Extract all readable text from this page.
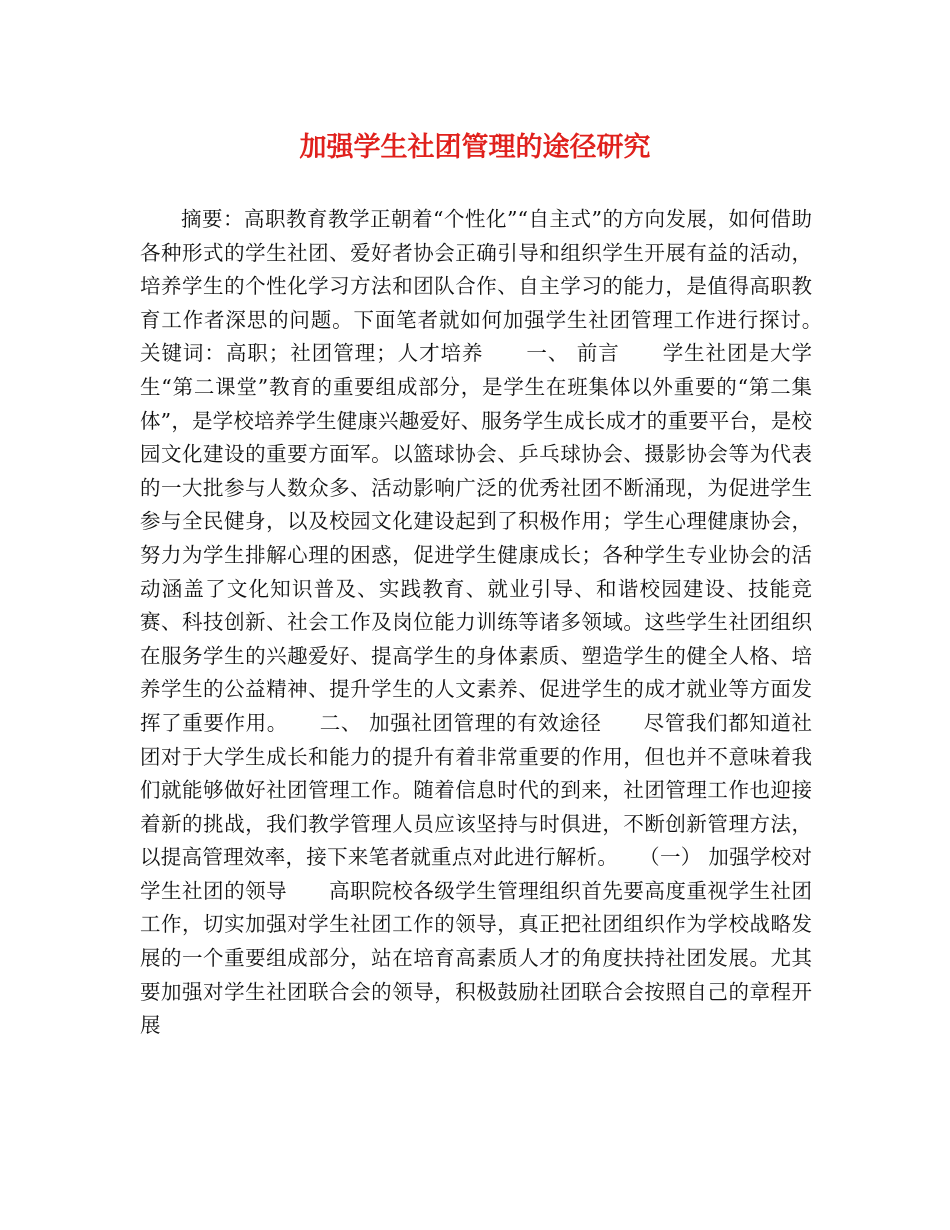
加强学生社团管理的途径研究

摘要：高职教育教学正朝着“个性化”“自主式”的方向发展，如何借助各种形式的学生社团、爱好者协会正确引导和组织学生开展有益的活动，培养学生的个性化学习方法和团队合作、自主学习的能力，是值得高职教育工作者深思的问题。下面笔者就如何加强学生社团管理工作进行探讨。　　关键词：高职；社团管理；人才培养　　一、 前言　　学生社团是大学生“第二课堂”教育的重要组成部分，是学生在班集体以外重要的“第二集体”，是学校培养学生健康兴趣爱好、服务学生成长成才的重要平台，是校园文化建设的重要方面军。以篮球协会、乒乓球协会、摄影协会等为代表的一大批参与人数众多、活动影响广泛的优秀社团不断涌现，为促进学生参与全民健身，以及校园文化建设起到了积极作用；学生心理健康协会，努力为学生排解心理的困惑，促进学生健康成长；各种学生专业协会的活动涵盖了文化知识普及、实践教育、就业引导、和谐校园建设、技能竞赛、科技创新、社会工作及岗位能力训练等诸多领域。这些学生社团组织在服务学生的兴趣爱好、提高学生的身体素质、塑造学生的健全人格、培养学生的公益精神、提升学生的人文素养、促进学生的成才就业等方面发挥了重要作用。　　二、 加强社团管理的有效途径　　尽管我们都知道社团对于大学生成长和能力的提升有着非常重要的作用，但也并不意味着我们就能够做好社团管理工作。随着信息时代的到来，社团管理工作也迎接着新的挑战，我们教学管理人员应该坚持与时俱进，不断创新管理方法，以提高管理效率，接下来笔者就重点对此进行解析。　　（一） 加强学校对学生社团的领导　　高职院校各级学生管理组织首先要高度重视学生社团工作，切实加强对学生社团工作的领导，真正把社团组织作为学校战略发展的一个重要组成部分，站在培育高素质人才的角度扶持社团发展。尤其要加强对学生社团联合会的领导，积极鼓励社团联合会按照自己的章程开展
